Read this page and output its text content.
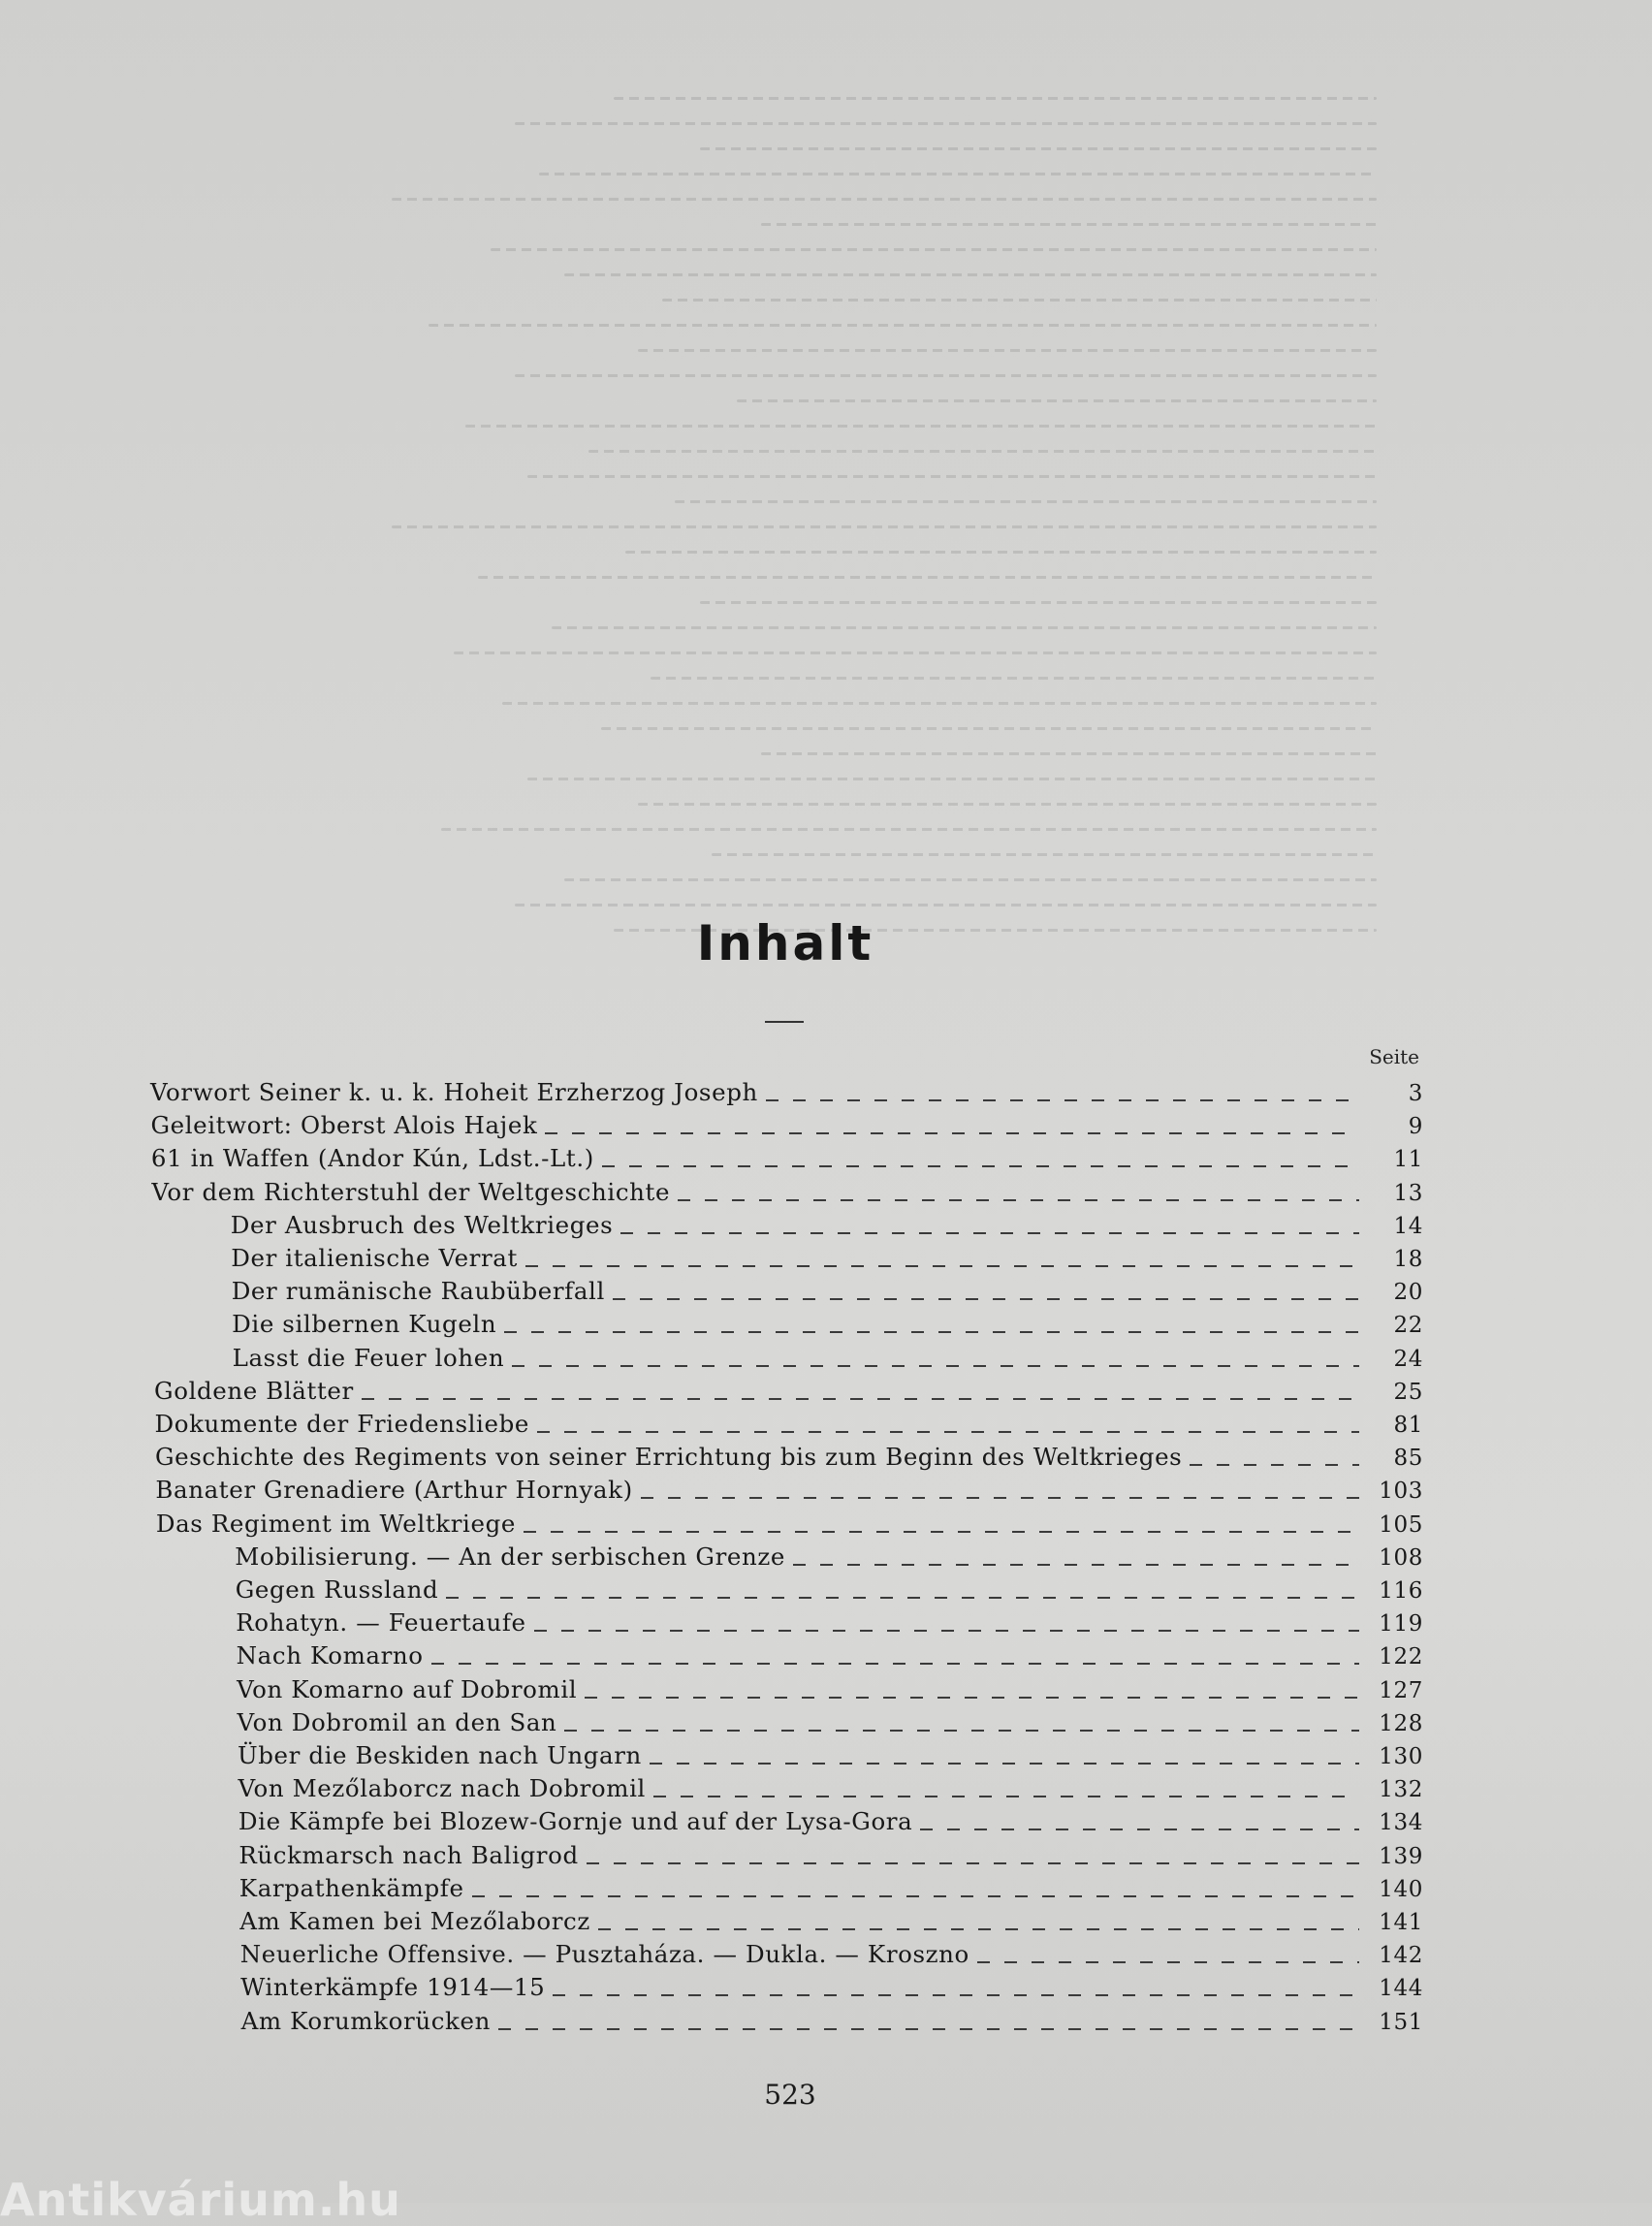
Inhalt
Seite
Vorwort Seiner k. u. k. Hoheit Erzherzog Joseph	3
Geleitwort: Oberst Alois Hajek	9
61 in Waffen (Andor Kún, Ldst.-Lt.)	11
Vor dem Richterstuhl der Weltgeschichte	13
Der Ausbruch des Weltkrieges	14
Der italienische Verrat	18
Der rumänische Raubüberfall	20
Die silbernen Kugeln	22
Lasst die Feuer lohen	24
Goldene Blätter	25
Dokumente der Friedensliebe	81
Geschichte des Regiments von seiner Errichtung bis zum Beginn des Weltkrieges	85
Banater Grenadiere (Arthur Hornyak)	103
Das Regiment im Weltkriege	105
Mobilisierung. — An der serbischen Grenze	108
Gegen Russland	116
Rohatyn. — Feuertaufe	119
Nach Komarno	122
Von Komarno auf Dobromil	127
Von Dobromil an den San	128
Über die Beskiden nach Ungarn	130
Von Mezőlaborcz nach Dobromil	132
Die Kämpfe bei Blozew-Gornje und auf der Lysa-Gora	134
Rückmarsch nach Baligrod	139
Karpathenkämpfe	140
Am Kamen bei Mezőlaborcz	141
Neuerliche Offensive. — Pusztaháza. — Dukla. — Kroszno	142
Winterkämpfe 1914—15	144
Am Korumkorücken	151
523
Antikvárium.hu
